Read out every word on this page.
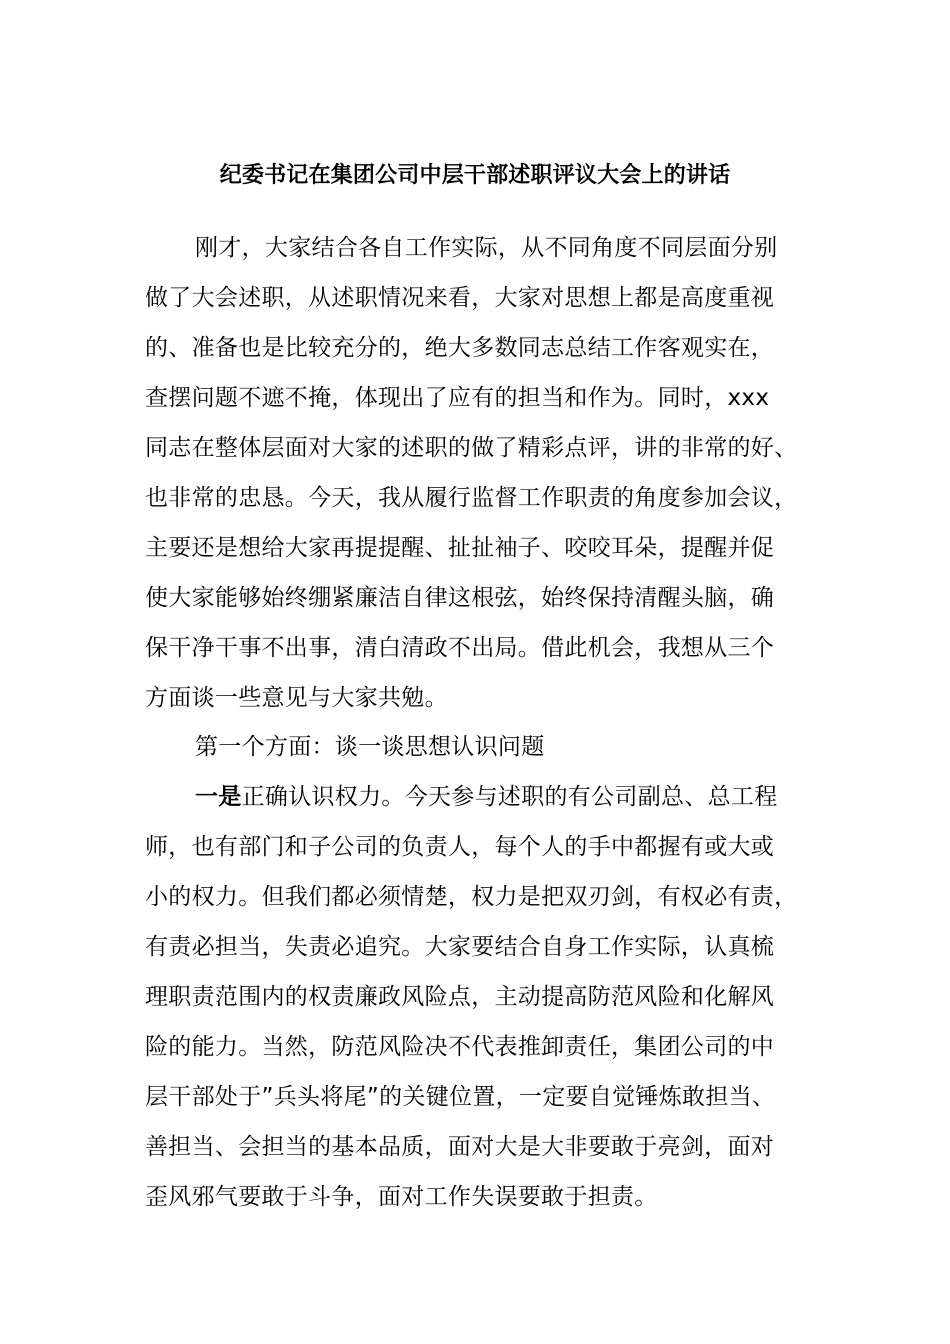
纪委书记在集团公司中层干部述职评议大会上的讲话
刚才，大家结合各自工作实际，从不同角度不同层面分别
做了大会述职，从述职情况来看，大家对思想上都是高度重视
的、准备也是比较充分的，绝大多数同志总结工作客观实在，
查摆问题不遮不掩，体现出了应有的担当和作为。同时，xxx
同志在整体层面对大家的述职的做了精彩点评，讲的非常的好、
也非常的忠恳。今天，我从履行监督工作职责的角度参加会议，
主要还是想给大家再提提醒、扯扯袖子、咬咬耳朵，提醒并促
使大家能够始终绷紧廉洁自律这根弦，始终保持清醒头脑，确
保干净干事不出事，清白清政不出局。借此机会，我想从三个
方面谈一些意见与大家共勉。
第一个方面：谈一谈思想认识问题
一是正确认识权力。今天参与述职的有公司副总、总工程
师，也有部门和子公司的负责人，每个人的手中都握有或大或
小的权力。但我们都必须情楚，权力是把双刃剑，有权必有责，
有责必担当，失责必追究。大家要结合自身工作实际，认真梳
理职责范围内的权责廉政风险点，主动提高防范风险和化解风
险的能力。当然，防范风险决不代表推卸责任，集团公司的中
层干部处于”兵头将尾”的关键位置，一定要自觉锤炼敢担当、
善担当、会担当的基本品质，面对大是大非要敢于亮剑，面对
歪风邪气要敢于斗争，面对工作失误要敢于担责。
